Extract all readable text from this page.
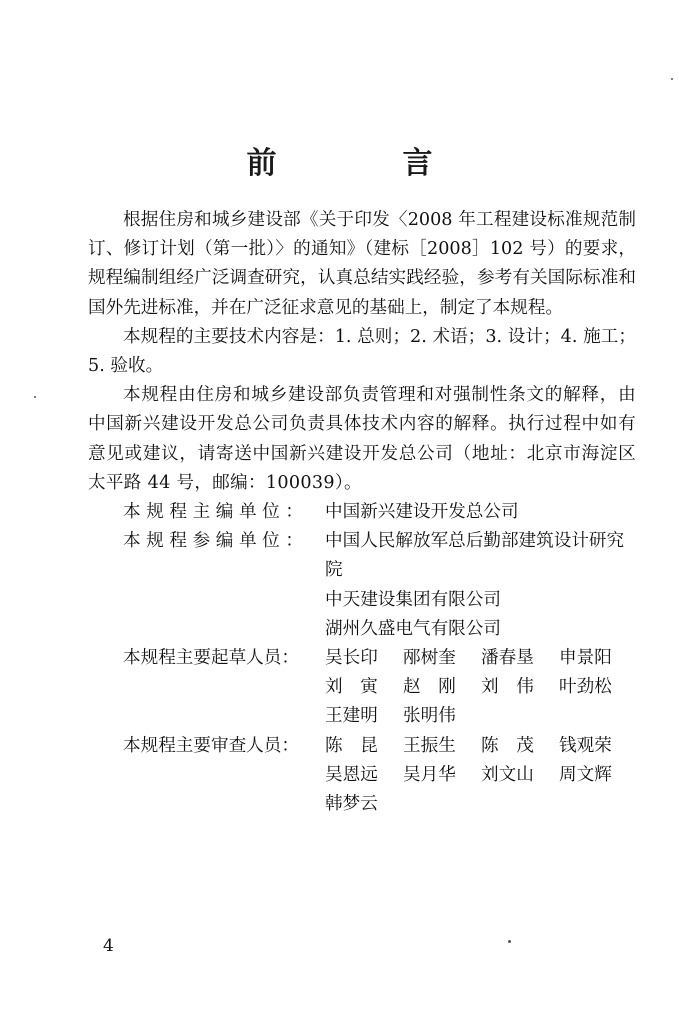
前　言

根据住房和城乡建设部《关于印发〈2008 年工程建设标准规范制订、修订计划（第一批）〉的通知》（建标［2008］102 号）的要求，规程编制组经广泛调查研究，认真总结实践经验，参考有关国际标准和国外先进标准，并在广泛征求意见的基础上，制定了本规程。

本规程的主要技术内容是：1. 总则；2. 术语；3. 设计；4. 施工；5. 验收。

本规程由住房和城乡建设部负责管理和对强制性条文的解释，由中国新兴建设开发总公司负责具体技术内容的解释。执行过程中如有意见或建议，请寄送中国新兴建设开发总公司（地址：北京市海淀区太平路 44 号，邮编：100039）。

本规程主编单位： 中国新兴建设开发总公司
本规程参编单位： 中国人民解放军总后勤部建筑设计研究院
中天建设集团有限公司
湖州久盛电气有限公司
本规程主要起草人员：	吴长印	邴树奎	潘春垦	申景阳
刘　寅	赵　刚	刘　伟	叶劲松
王建明	张明伟
本规程主要审查人员：	陈　昆	王振生	陈　茂	钱观荣
吴恩远	吴月华	刘文山	周文辉
韩梦云
4
